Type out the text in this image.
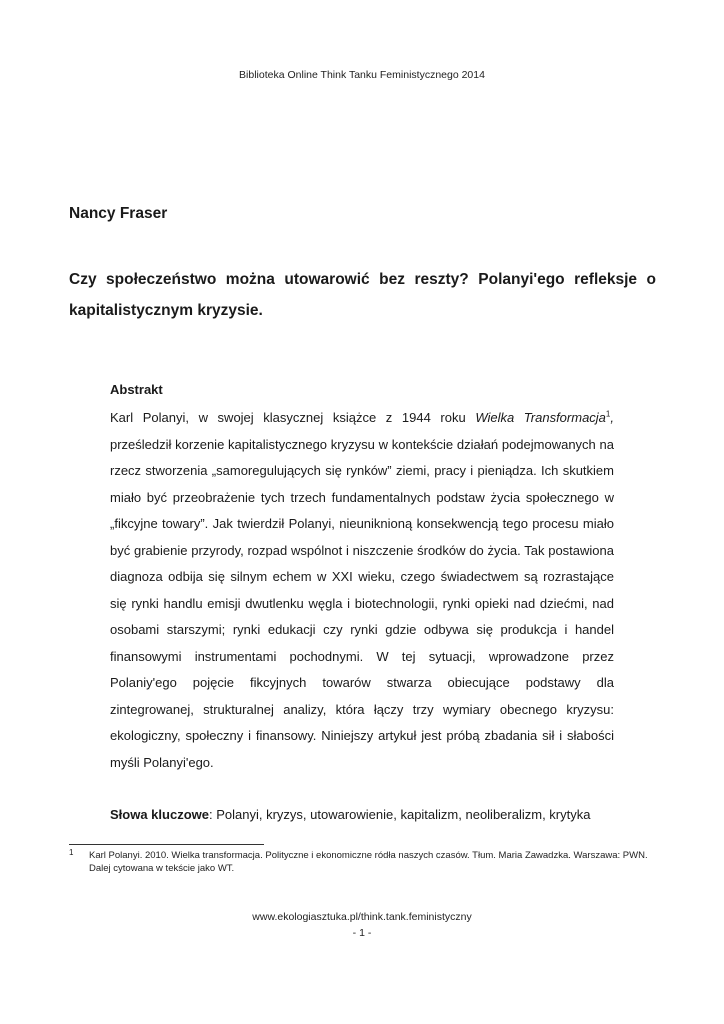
Biblioteka Online Think Tanku Feministycznego 2014
Nancy Fraser
Czy społeczeństwo można utowarowić bez reszty? Polanyi'ego refleksje o kapitalistycznym kryzysie.
Abstrakt
Karl Polanyi, w swojej klasycznej książce z 1944 roku Wielka Transformacja$^1$, prześledził korzenie kapitalistycznego kryzysu w kontekście działań podejmowanych na rzecz stworzenia „samoregulujących się rynków” ziemi, pracy i pieniądza. Ich skutkiem miało być przeobrażenie tych trzech fundamentalnych podstaw życia społecznego w „fikcyjne towary”. Jak twierdził Polanyi, nieuniknioną konsekwencją tego procesu miało być grabienie przyrody, rozpad wspólnot i niszczenie środków do życia. Tak postawiona diagnoza odbija się silnym echem w XXI wieku, czego świadectwem są rozrastające się rynki handlu emisji dwutlenku węgla i biotechnologii, rynki opieki nad dziećmi, nad osobami starszymi; rynki edukacji czy rynki gdzie odbywa się produkcja i handel finansowymi instrumentami pochodnymi. W tej sytuacji, wprowadzone przez Polaniy'ego pojęcie fikcyjnych towarów stwarza obiecujące podstawy dla zintegrowanej, strukturalnej analizy, która łączy trzy wymiary obecnego kryzysu: ekologiczny, społeczny i finansowy. Niniejszy artykuł jest próbą zbadania sił i słabości myśli Polanyi'ego.
Słowa kluczowe: Polanyi, kryzys, utowarowienie, kapitalizm, neoliberalizm, krytyka
1 Karl Polanyi. 2010. Wielka transformacja. Polityczne i ekonomiczne ródła naszych czasów. Tłum. Maria Zawadzka. Warszawa: PWN. Dalej cytowana w tekście jako WT.
www.ekologiasztuka.pl/think.tank.feministyczny
- 1 -
